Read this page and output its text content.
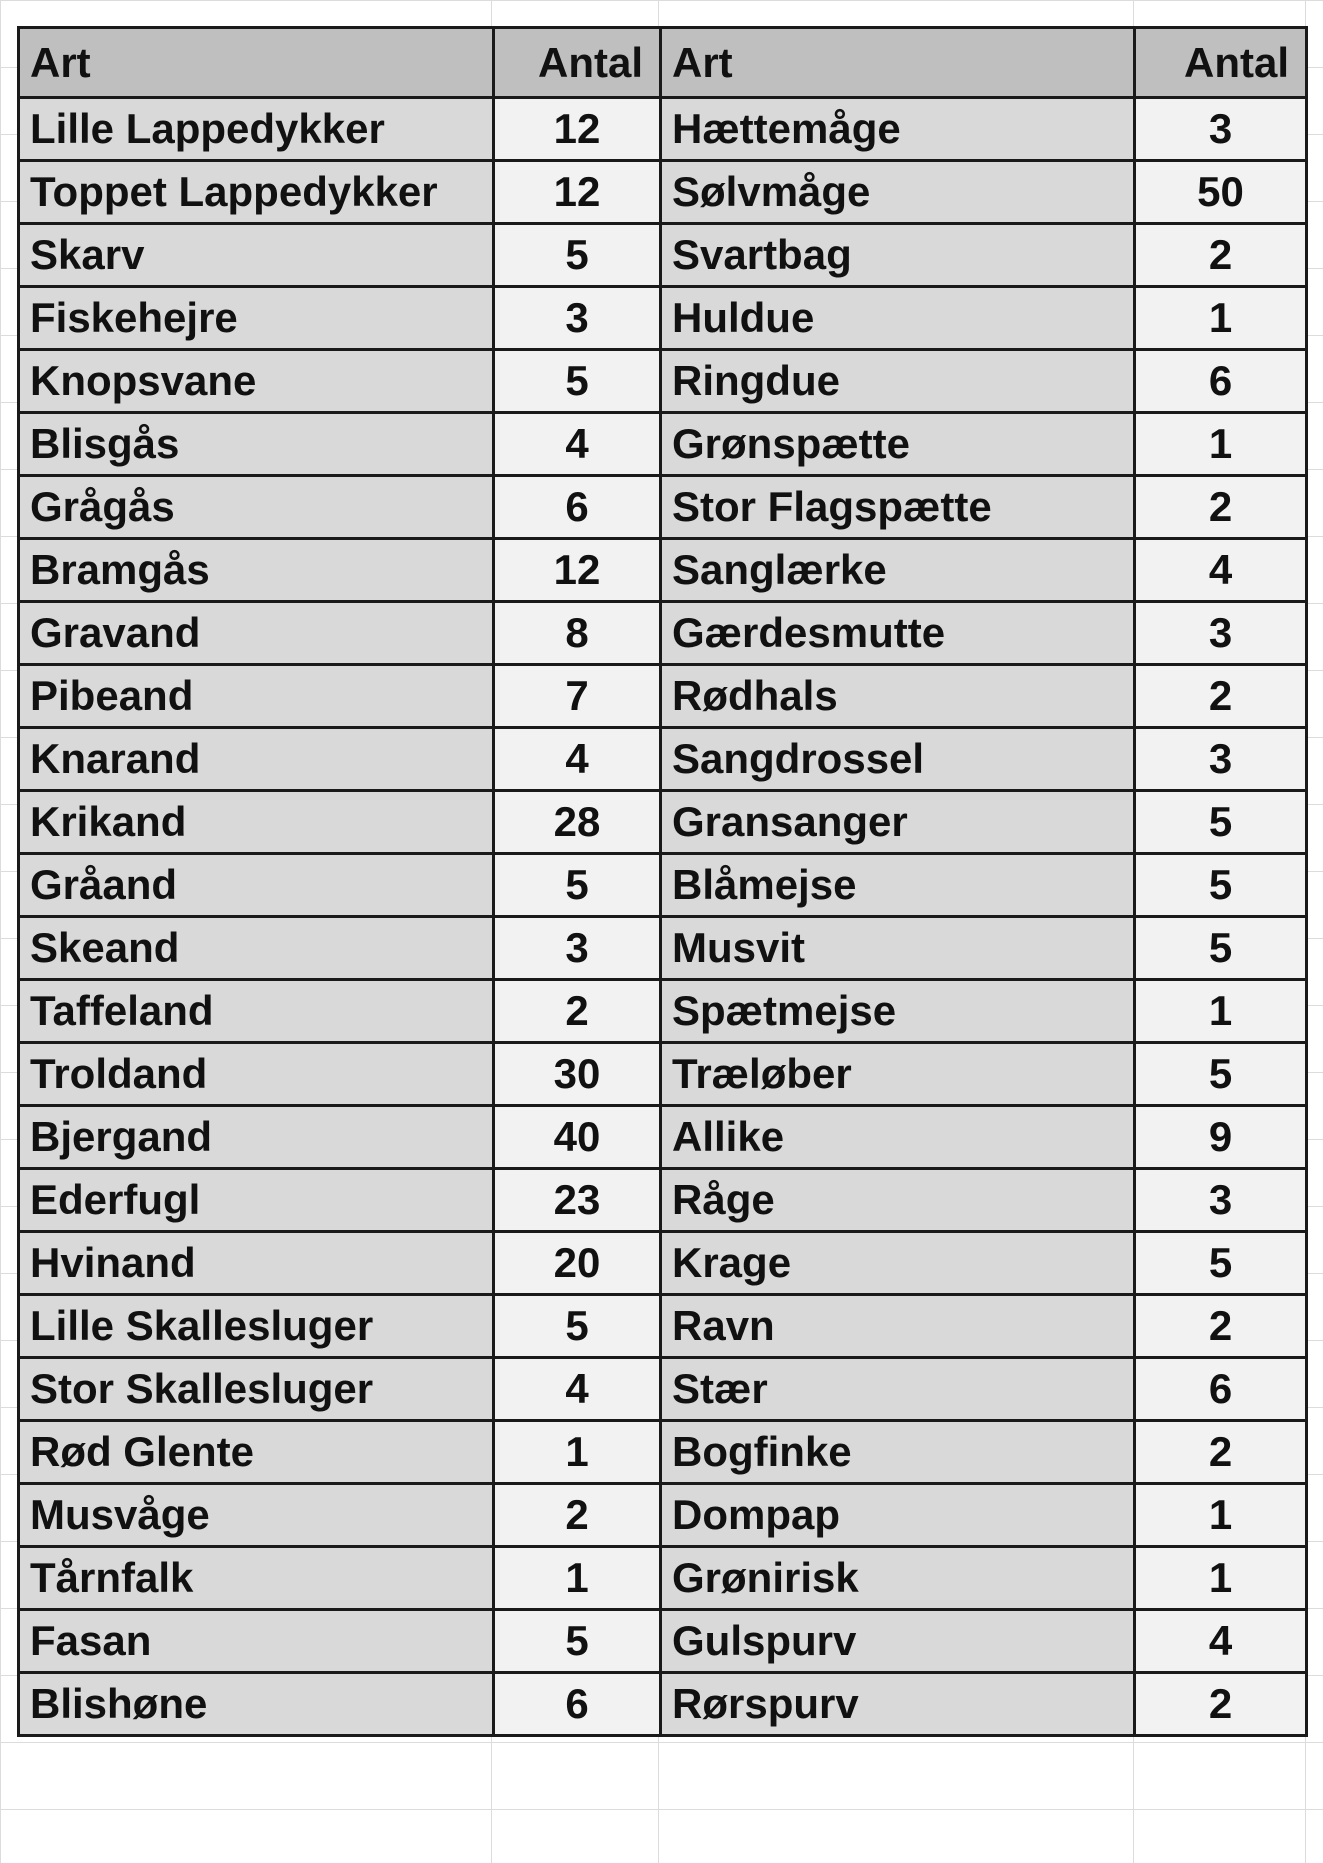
Art	Antal	Art	Antal
Lille Lappedykker	12	Hættemåge	3
Toppet Lappedykker	12	Sølvmåge	50
Skarv	5	Svartbag	2
Fiskehejre	3	Huldue	1
Knopsvane	5	Ringdue	6
Blisgås	4	Grønspætte	1
Grågås	6	Stor Flagspætte	2
Bramgås	12	Sanglærke	4
Gravand	8	Gærdesmutte	3
Pibeand	7	Rødhals	2
Knarand	4	Sangdrossel	3
Krikand	28	Gransanger	5
Gråand	5	Blåmejse	5
Skeand	3	Musvit	5
Taffeland	2	Spætmejse	1
Troldand	30	Træløber	5
Bjergand	40	Allike	9
Ederfugl	23	Råge	3
Hvinand	20	Krage	5
Lille Skallesluger	5	Ravn	2
Stor Skallesluger	4	Stær	6
Rød Glente	1	Bogfinke	2
Musvåge	2	Dompap	1
Tårnfalk	1	Grønirisk	1
Fasan	5	Gulspurv	4
Blishøne	6	Rørspurv	2
